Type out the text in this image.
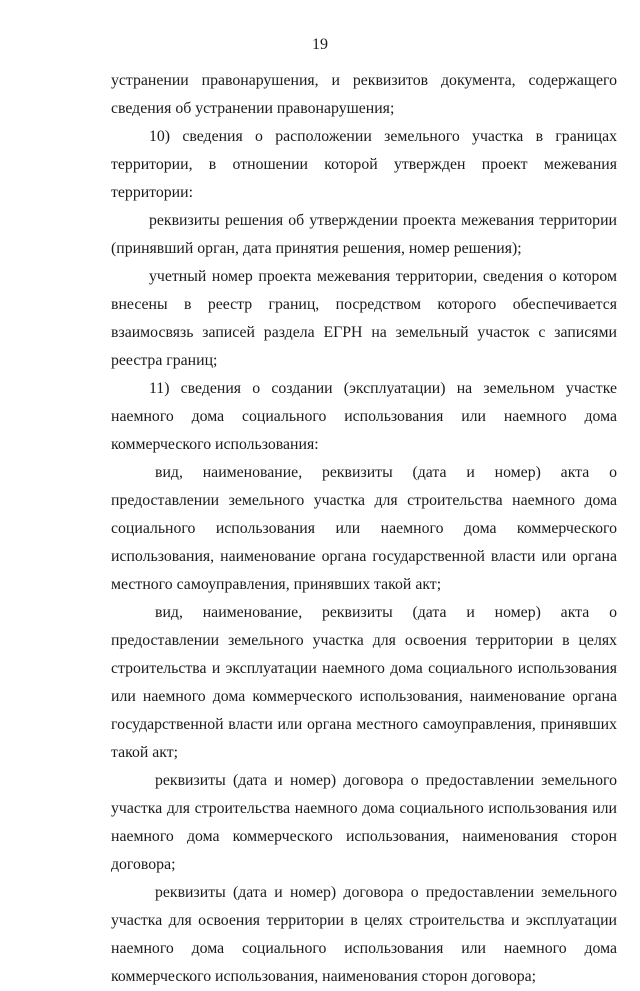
19

устранении правонарушения, и реквизитов документа, содержащего сведения об устранении правонарушения;

10) сведения о расположении земельного участка в границах территории, в отношении которой утвержден проект межевания территории:

реквизиты решения об утверждении проекта межевания территории (принявший орган, дата принятия решения, номер решения);

учетный номер проекта межевания территории, сведения о котором внесены в реестр границ, посредством которого обеспечивается взаимосвязь записей раздела ЕГРН на земельный участок с записями реестра границ;

11) сведения о создании (эксплуатации) на земельном участке наемного дома социального использования или наемного дома коммерческого использования:

вид, наименование, реквизиты (дата и номер) акта о предоставлении земельного участка для строительства наемного дома социального использования или наемного дома коммерческого использования, наименование органа государственной власти или органа местного самоуправления, принявших такой акт;

вид, наименование, реквизиты (дата и номер) акта о предоставлении земельного участка для освоения территории в целях строительства и эксплуатации наемного дома социального использования или наемного дома коммерческого использования, наименование органа государственной власти или органа местного самоуправления, принявших такой акт;

реквизиты (дата и номер) договора о предоставлении земельного участка для строительства наемного дома социального использования или наемного дома коммерческого использования, наименования сторон договора;

реквизиты (дата и номер) договора о предоставлении земельного участка для освоения территории в целях строительства и эксплуатации наемного дома социального использования или наемного дома коммерческого использования, наименования сторон договора;
